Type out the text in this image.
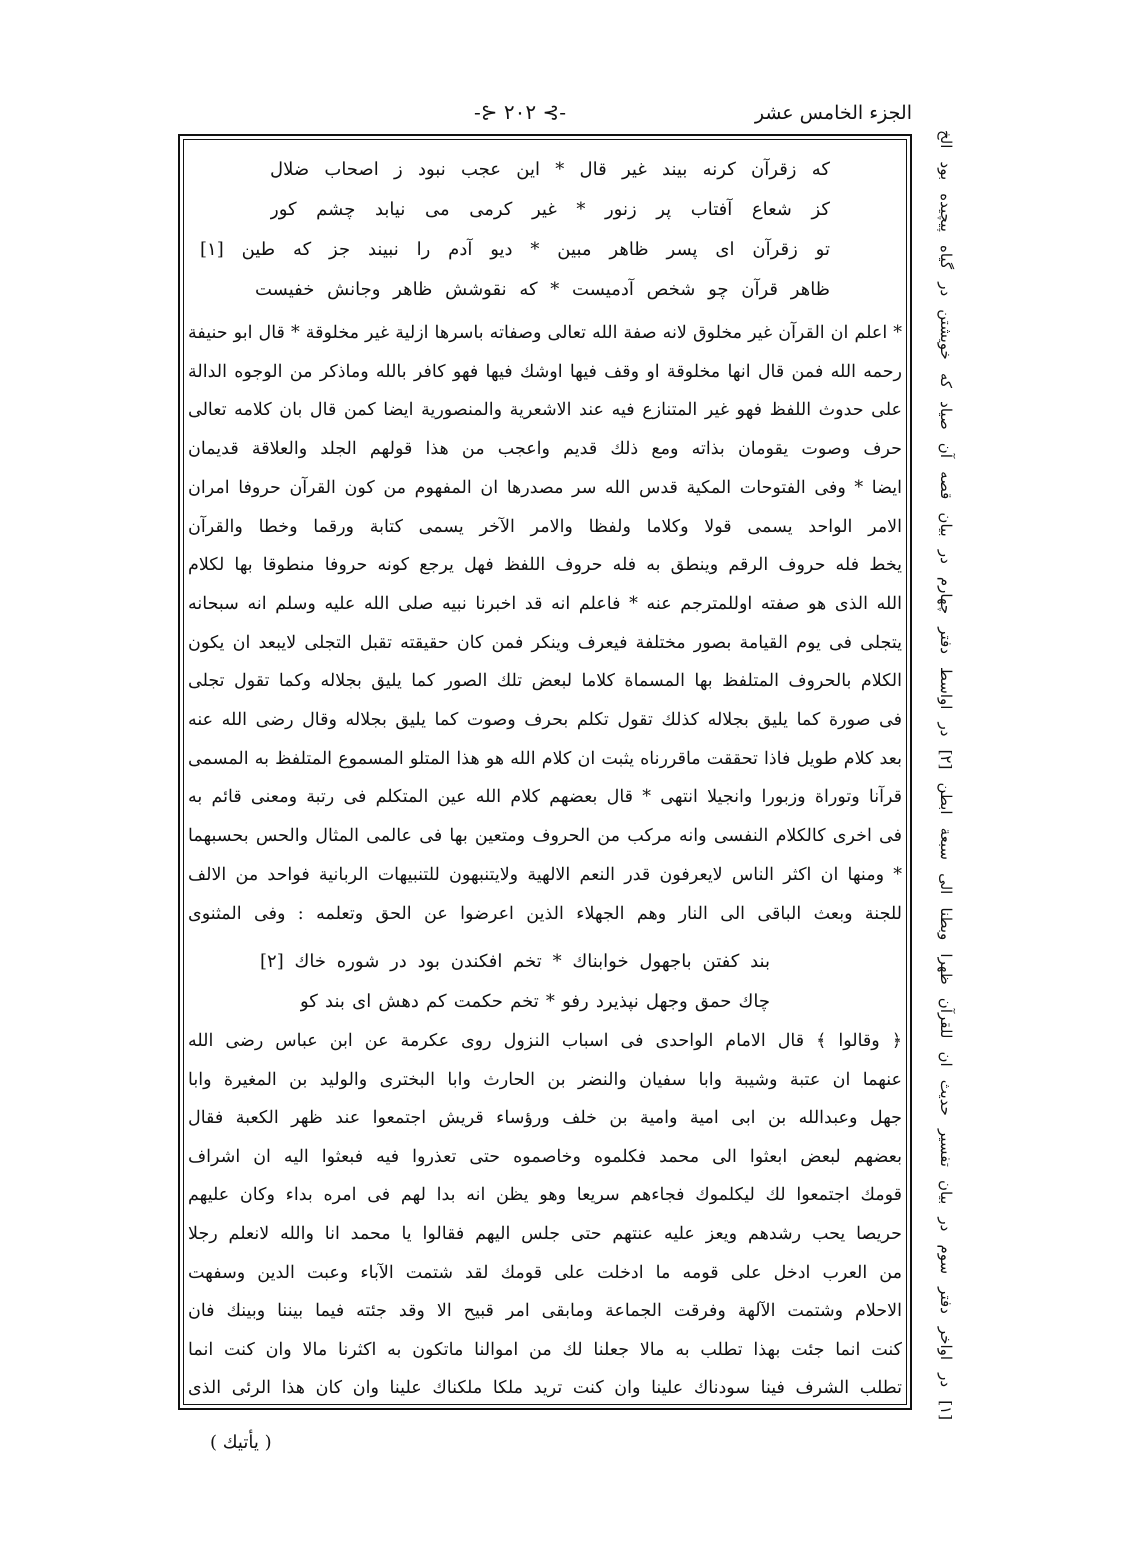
الجزء الخامس عشر
-⊱ ٢٠٢ ⊰-
كه زقرآن كرنه بيند غير قال * اين عجب نبود ز اصحاب ضلال
كز شعاع آفتاب پر زنور * غير كرمى مى نيابد چشم كور
تو زقرآن اى پسر ظاهر مبين * ديو آدم را نبيند جز كه طين [١]
ظاهر قرآن چو شخص آدميست * كه نقوشش ظاهر وجانش خفيست
* اعلم ان القرآن غير مخلوق لانه صفة الله تعالى وصفاته باسرها ازلية غير مخلوقة * قال ابو حنيفة
رحمه الله فمن قال انها مخلوقة او وقف فيها اوشك فيها فهو كافر بالله وماذكر من الوجوه الدالة
على حدوث اللفظ فهو غير المتنازع فيه عند الاشعرية والمنصورية ايضا كمن قال بان كلامه تعالى
حرف وصوت يقومان بذاته ومع ذلك قديم واعجب من هذا قولهم الجلد والعلاقة قديمان
ايضا * وفى الفتوحات المكية قدس الله سر مصدرها ان المفهوم من كون القرآن حروفا امران
الامر الواحد يسمى قولا وكلاما ولفظا والامر الآخر يسمى كتابة ورقما وخطا والقرآن
يخط فله حروف الرقم وينطق به فله حروف اللفظ فهل يرجع كونه حروفا منطوقا بها لكلام
الله الذى هو صفته اوللمترجم عنه * فاعلم انه قد اخبرنا نبيه صلى الله عليه وسلم انه سبحانه
يتجلى فى يوم القيامة بصور مختلفة فيعرف وينكر فمن كان حقيقته تقبل التجلى لايبعد ان يكون
الكلام بالحروف المتلفظ بها المسماة كلاما لبعض تلك الصور كما يليق بجلاله وكما تقول تجلى
فى صورة كما يليق بجلاله كذلك تقول تكلم بحرف وصوت كما يليق بجلاله وقال رضى الله عنه
بعد كلام طويل فاذا تحققت ماقررناه يثبت ان كلام الله هو هذا المتلو المسموع المتلفظ به المسمى
قرآنا وتوراة وزبورا وانجيلا انتهى * قال بعضهم كلام الله عين المتكلم فى رتبة ومعنى قائم به
فى اخرى كالكلام النفسى وانه مركب من الحروف ومتعين بها فى عالمى المثال والحس بحسبهما
* ومنها ان اكثر الناس لايعرفون قدر النعم الالهية ولايتنبهون للتنبيهات الربانية فواحد من الالف
للجنة وبعث الباقى الى النار وهم الجهلاء الذين اعرضوا عن الحق وتعلمه : وفى المثنوى
بند كفتن باجهول خوابناك * تخم افكندن بود در شوره خاك [٢]
چاك حمق وجهل نپذيرد رفو * تخم حكمت كم دهش اى بند كو
﴿ وقالوا ﴾ قال الامام الواحدى فى اسباب النزول روى عكرمة عن ابن عباس رضى الله
عنهما ان عتبة وشيبة وابا سفيان والنضر بن الحارث وابا البخترى والوليد بن المغيرة وابا
جهل وعبدالله بن ابى امية وامية بن خلف ورؤساء قريش اجتمعوا عند ظهر الكعبة فقال
بعضهم لبعض ابعثوا الى محمد فكلموه وخاصموه حتى تعذروا فيه فبعثوا اليه ان اشراف
قومك اجتمعوا لك ليكلموك فجاءهم سريعا وهو يظن انه بدا لهم فى امره بداء وكان عليهم
حريصا يحب رشدهم ويعز عليه عنتهم حتى جلس اليهم فقالوا يا محمد انا والله لانعلم رجلا
من العرب ادخل على قومه ما ادخلت على قومك لقد شتمت الآباء وعبت الدين وسفهت
الاحلام وشتمت الآلهة وفرقت الجماعة ومابقى امر قبيح الا وقد جئته فيما بيننا وبينك فان
كنت انما جئت بهذا تطلب به مالا جعلنا لك من اموالنا ماتكون به اكثرنا مالا وان كنت انما
تطلب الشرف فينا سودناك علينا وان كنت تريد ملكا ملكناك علينا وان كان هذا الرئى الذى
( يأتيك )
[١] در اواخر دفتر سوم در بيان تفسير حديث ان للقرآن ظهرا وبطنا الى سبعة ابطن [٢] در اواسط دفتر چهارم در بيان قصه آن صياد كه خويشتن در گياه پيچيده بود الخ
